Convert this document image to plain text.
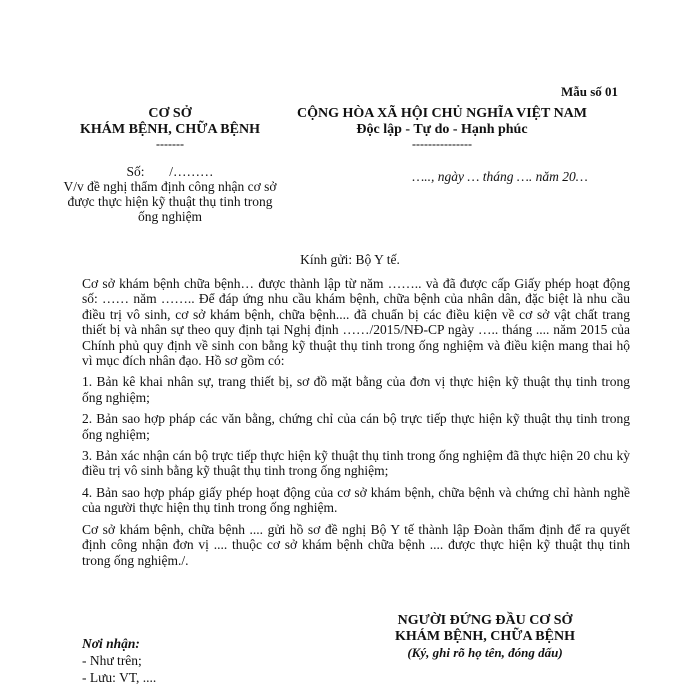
Mẫu số 01
CƠ SỞ
KHÁM BỆNH, CHỮA BỆNH
-------
CỘNG HÒA XÃ HỘI CHỦ NGHĨA VIỆT NAM
Độc lập - Tự do - Hạnh phúc
---------------
Số: /………
V/v đề nghị thẩm định công nhận cơ sở được thực hiện kỹ thuật thụ tinh trong ống nghiệm
….., ngày … tháng …. năm 20…
Kính gửi: Bộ Y tế.

Cơ sở khám bệnh chữa bệnh… được thành lập từ năm …….. và đã được cấp Giấy phép hoạt động số: …… năm …….. Để đáp ứng nhu cầu khám bệnh, chữa bệnh của nhân dân, đặc biệt là nhu cầu điều trị vô sinh, cơ sở khám bệnh, chữa bệnh.... đã chuẩn bị các điều kiện về cơ sở vật chất trang thiết bị và nhân sự theo quy định tại Nghị định ……/2015/NĐ-CP ngày ….. tháng .... năm 2015 của Chính phủ quy định về sinh con bằng kỹ thuật thụ tinh trong ống nghiệm và điều kiện mang thai hộ vì mục đích nhân đạo. Hồ sơ gồm có:

1. Bản kê khai nhân sự, trang thiết bị, sơ đồ mặt bằng của đơn vị thực hiện kỹ thuật thụ tinh trong ống nghiệm;

2. Bản sao hợp pháp các văn bằng, chứng chỉ của cán bộ trực tiếp thực hiện kỹ thuật thụ tinh trong ống nghiệm;

3. Bản xác nhận cán bộ trực tiếp thực hiện kỹ thuật thụ tinh trong ống nghiệm đã thực hiện 20 chu kỳ điều trị vô sinh bằng kỹ thuật thụ tinh trong ống nghiệm;

4. Bản sao hợp pháp giấy phép hoạt động của cơ sở khám bệnh, chữa bệnh và chứng chỉ hành nghề của người thực hiện thụ tinh trong ống nghiệm.

Cơ sở khám bệnh, chữa bệnh .... gửi hồ sơ đề nghị Bộ Y tế thành lập Đoàn thẩm định để ra quyết định công nhận đơn vị .... thuộc cơ sở khám bệnh chữa bệnh .... được thực hiện kỹ thuật thụ tinh trong ống nghiệm./.

NGƯỜI ĐỨNG ĐẦU CƠ SỞ
KHÁM BỆNH, CHỮA BỆNH
(Ký, ghi rõ họ tên, đóng dấu)
Nơi nhận:
- Như trên;
- Lưu: VT, ....
